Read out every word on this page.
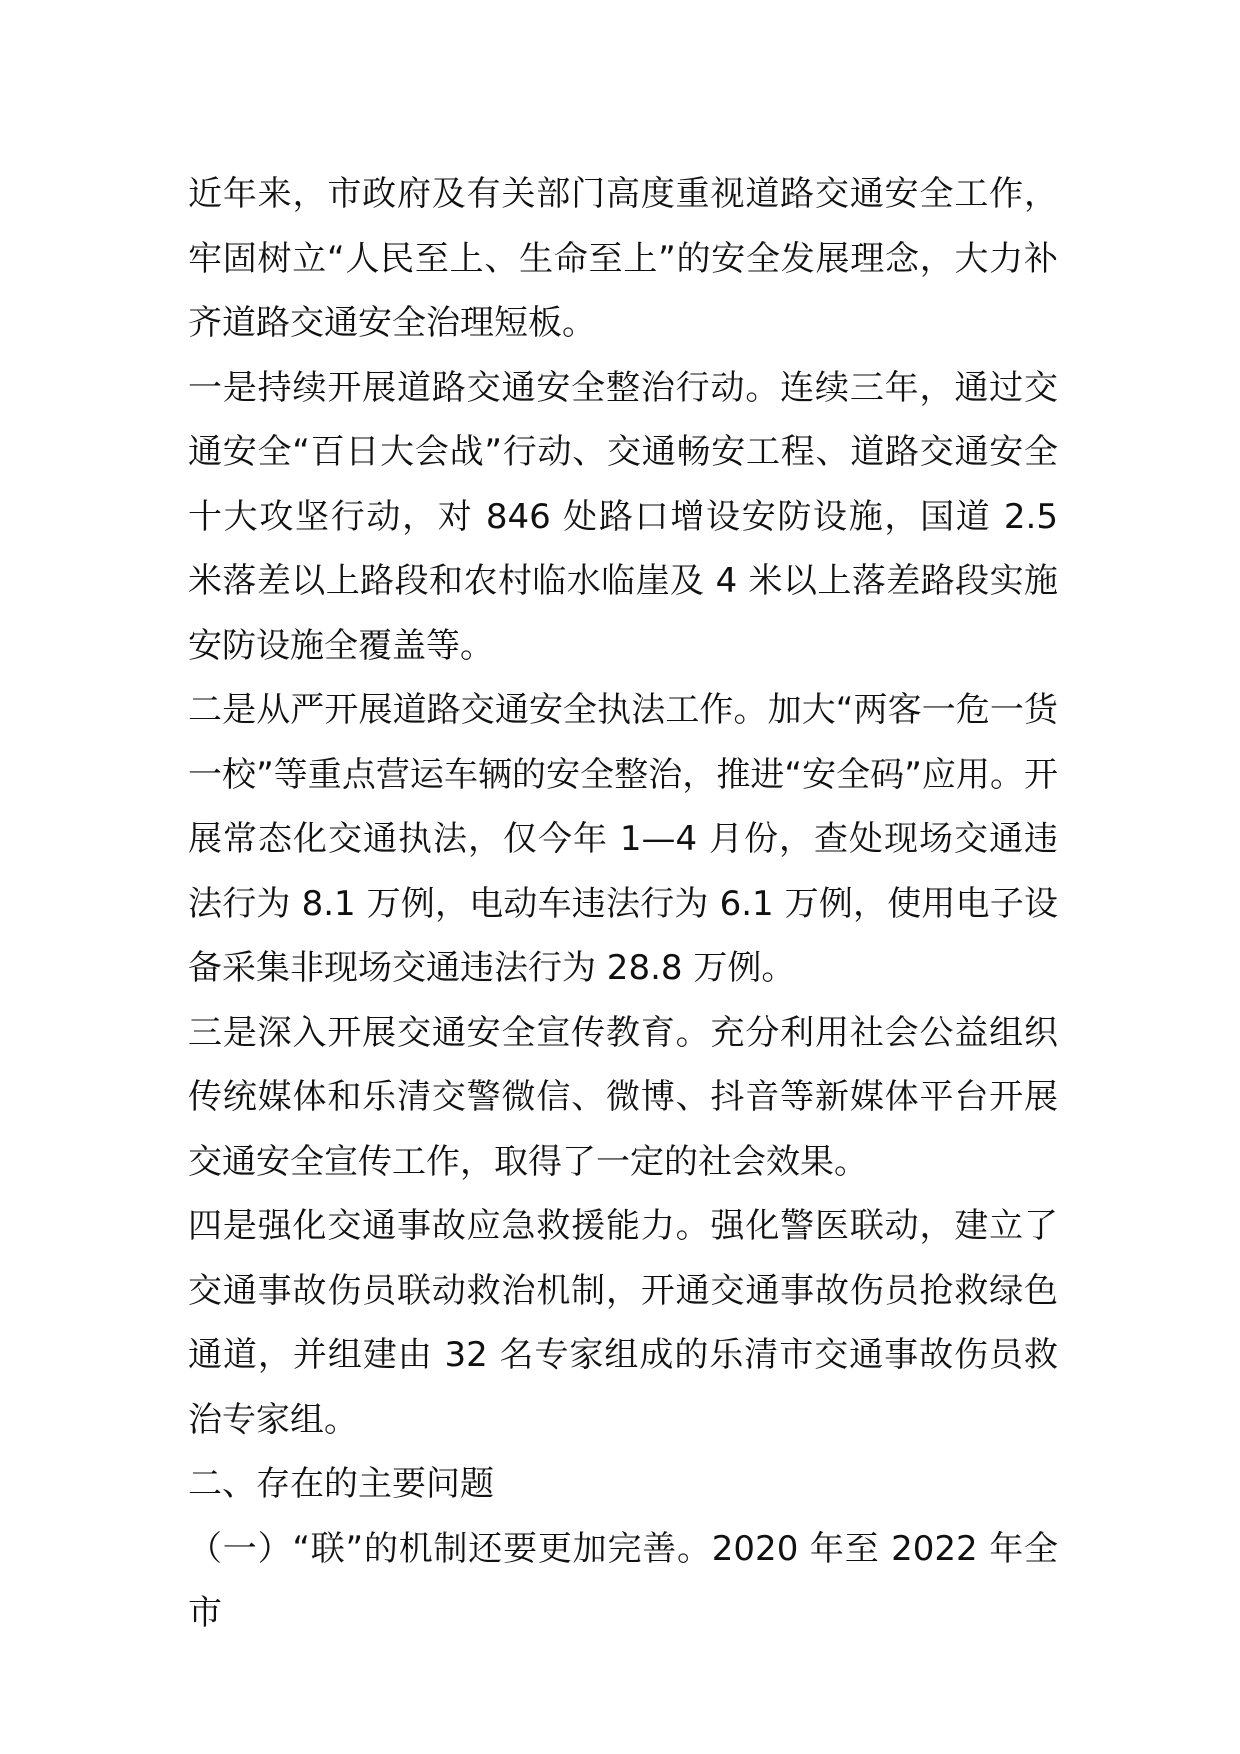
近年来，市政府及有关部门高度重视道路交通安全工作，牢固树立“人民至上、生命至上”的安全发展理念，大力补齐道路交通安全治理短板。

一是持续开展道路交通安全整治行动。连续三年，通过交通安全“百日大会战”行动、交通畅安工程、道路交通安全十大攻坚行动，对 846 处路口增设安防设施，国道 2.5 米落差以上路段和农村临水临崖及 4 米以上落差路段实施安防设施全覆盖等。

二是从严开展道路交通安全执法工作。加大“两客一危一货一校”等重点营运车辆的安全整治，推进“安全码”应用。开展常态化交通执法，仅今年 1—4 月份，查处现场交通违法行为 8.1 万例，电动车违法行为 6.1 万例，使用电子设备采集非现场交通违法行为 28.8 万例。

三是深入开展交通安全宣传教育。充分利用社会公益组织传统媒体和乐清交警微信、微博、抖音等新媒体平台开展交通安全宣传工作，取得了一定的社会效果。

四是强化交通事故应急救援能力。强化警医联动，建立了交通事故伤员联动救治机制，开通交通事故伤员抢救绿色通道，并组建由 32 名专家组成的乐清市交通事故伤员救治专家组。

二、存在的主要问题

（一）“联”的机制还要更加完善。2020 年至 2022 年全市
